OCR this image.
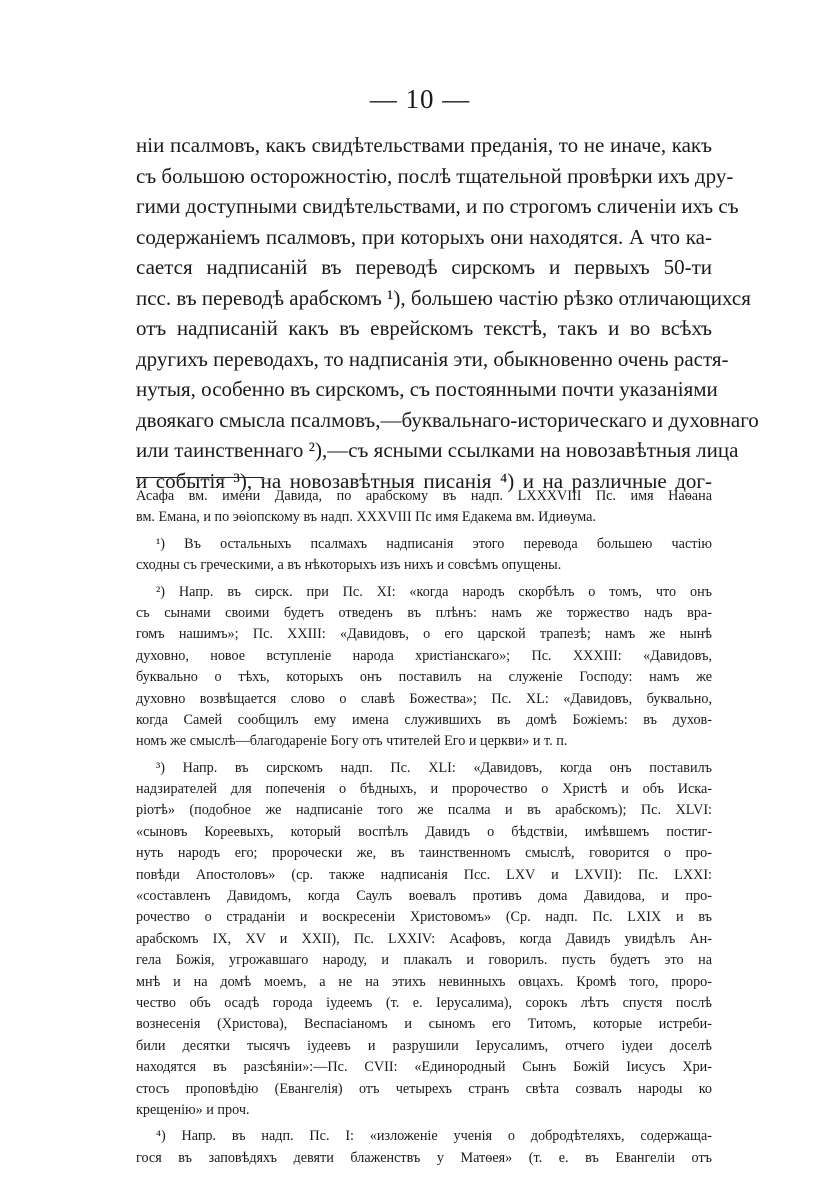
— 10 —
нiи псалмовъ, какъ свидѣтельствами преданія, то не иначе, какъ
съ большою осторожностію, послѣ тщательной провѣрки ихъ дру-
гими доступными свидѣтельствами, и по строгомъ сличеніи ихъ съ
содержаніемъ псалмовъ, при которыхъ они находятся. А что ка-
сается надписаній въ переводѣ сирскомъ и первыхъ 50-ти
псс. въ переводѣ арабскомъ ¹), большею частію рѣзко отличающихся
отъ надписаній какъ въ еврейскомъ текстѣ, такъ и во всѣхъ
другихъ переводахъ, то надписанія эти, обыкновенно очень растя-
нутыя, особенно въ сирскомъ, съ постоянными почти указаніями
двоякаго смысла псалмовъ,—буквальнаго-историческаго и духовнаго
или таинственнаго ²),—съ ясными ссылками на новозавѣтныя лица
и событія ³), на новозавѣтныя писанія ⁴) и на различные дог-
Асафа вм. имени Давида, по арабскому въ надп. LXXXVIII Пс. имя Наѳана
вм. Емана, и по эѳіопскому въ надп. XXXVIII Пс имя Едакема вм. Идиѳума.
¹) Въ остальныхъ псалмахъ надписанія этого перевода большею частію
сходны съ греческими, а въ нѣкоторыхъ изъ нихъ и совсѣмъ опущены.
²) Напр. въ сирск. при Пс. XI: «когда народъ скорбѣлъ о томъ, что онъ
съ сынами своими будетъ отведенъ въ плѣнъ: намъ же торжество надъ вра-
гомъ нашимъ»; Пс. XXIII: «Давидовъ, о его царской трапезѣ; намъ же нынѣ
духовно, новое вступленіе народа христіанскаго»; Пс. XXXIII: «Давидовъ,
буквально о тѣхъ, которыхъ онъ поставилъ на служеніе Господу: намъ же
духовно возвѣщается слово о славѣ Божества»; Пс. XL: «Давидовъ, буквально,
когда Самей сообщилъ ему имена служившихъ въ домѣ Божіемъ: въ духов-
номъ же смыслѣ—благодареніе Богу отъ чтителей Его и церкви» и т. п.
³) Напр. въ сирскомъ надп. Пс. XLI: «Давидовъ, когда онъ поставилъ
надзирателей для попеченія о бѣдныхъ, и пророчество о Христѣ и объ Иска-
ріотѣ» (подобное же надписаніе того же псалма и въ арабскомъ); Пс. XLVI:
«сыновъ Кореевыхъ, который воспѣлъ Давидъ о бѣдствіи, имѣвшемъ постиг-
нуть народъ его; пророчески же, въ таинственномъ смыслѣ, говорится о про-
повѣди Апостоловъ» (ср. также надписанія Псс. LXV и LXVII): Пс. LXXI:
«составленъ Давидомъ, когда Саулъ воевалъ противъ дома Давидова, и про-
рочество о страданіи и воскресеніи Христовомъ» (Ср. надп. Пс. LXIX и въ
арабскомъ IX, XV и XXII), Пс. LXXIV: Асафовъ, когда Давидъ увидѣлъ Ан-
гела Божія, угрожавшаго народу, и плакалъ и говорилъ. пусть будетъ это на
мнѣ и на домѣ моемъ, а не на этихъ невинныхъ овцахъ. Кромѣ того, проро-
чество объ осадѣ города іудеемъ (т. е. Іерусалима), сорокъ лѣтъ спустя послѣ
вознесенія (Христова), Веспасіаномъ и сыномъ его Титомъ, которые истреби-
били десятки тысячъ іудеевъ и разрушили Іерусалимъ, отчего іудеи доселѣ
находятся въ разсѣяніи»:—Пс. CVII: «Единородный Сынъ Божій Іисусъ Хри-
стосъ проповѣдію (Евангелія) отъ четырехъ странъ свѣта созвалъ народы ко
крещенію» и проч.
⁴) Напр. въ надп. Пс. I: «изложеніе ученія о добродѣтеляхъ, содержаща-
гося въ заповѣдяхъ девяти блаженствъ у Матѳея» (т. е. въ Евангеліи отъ
